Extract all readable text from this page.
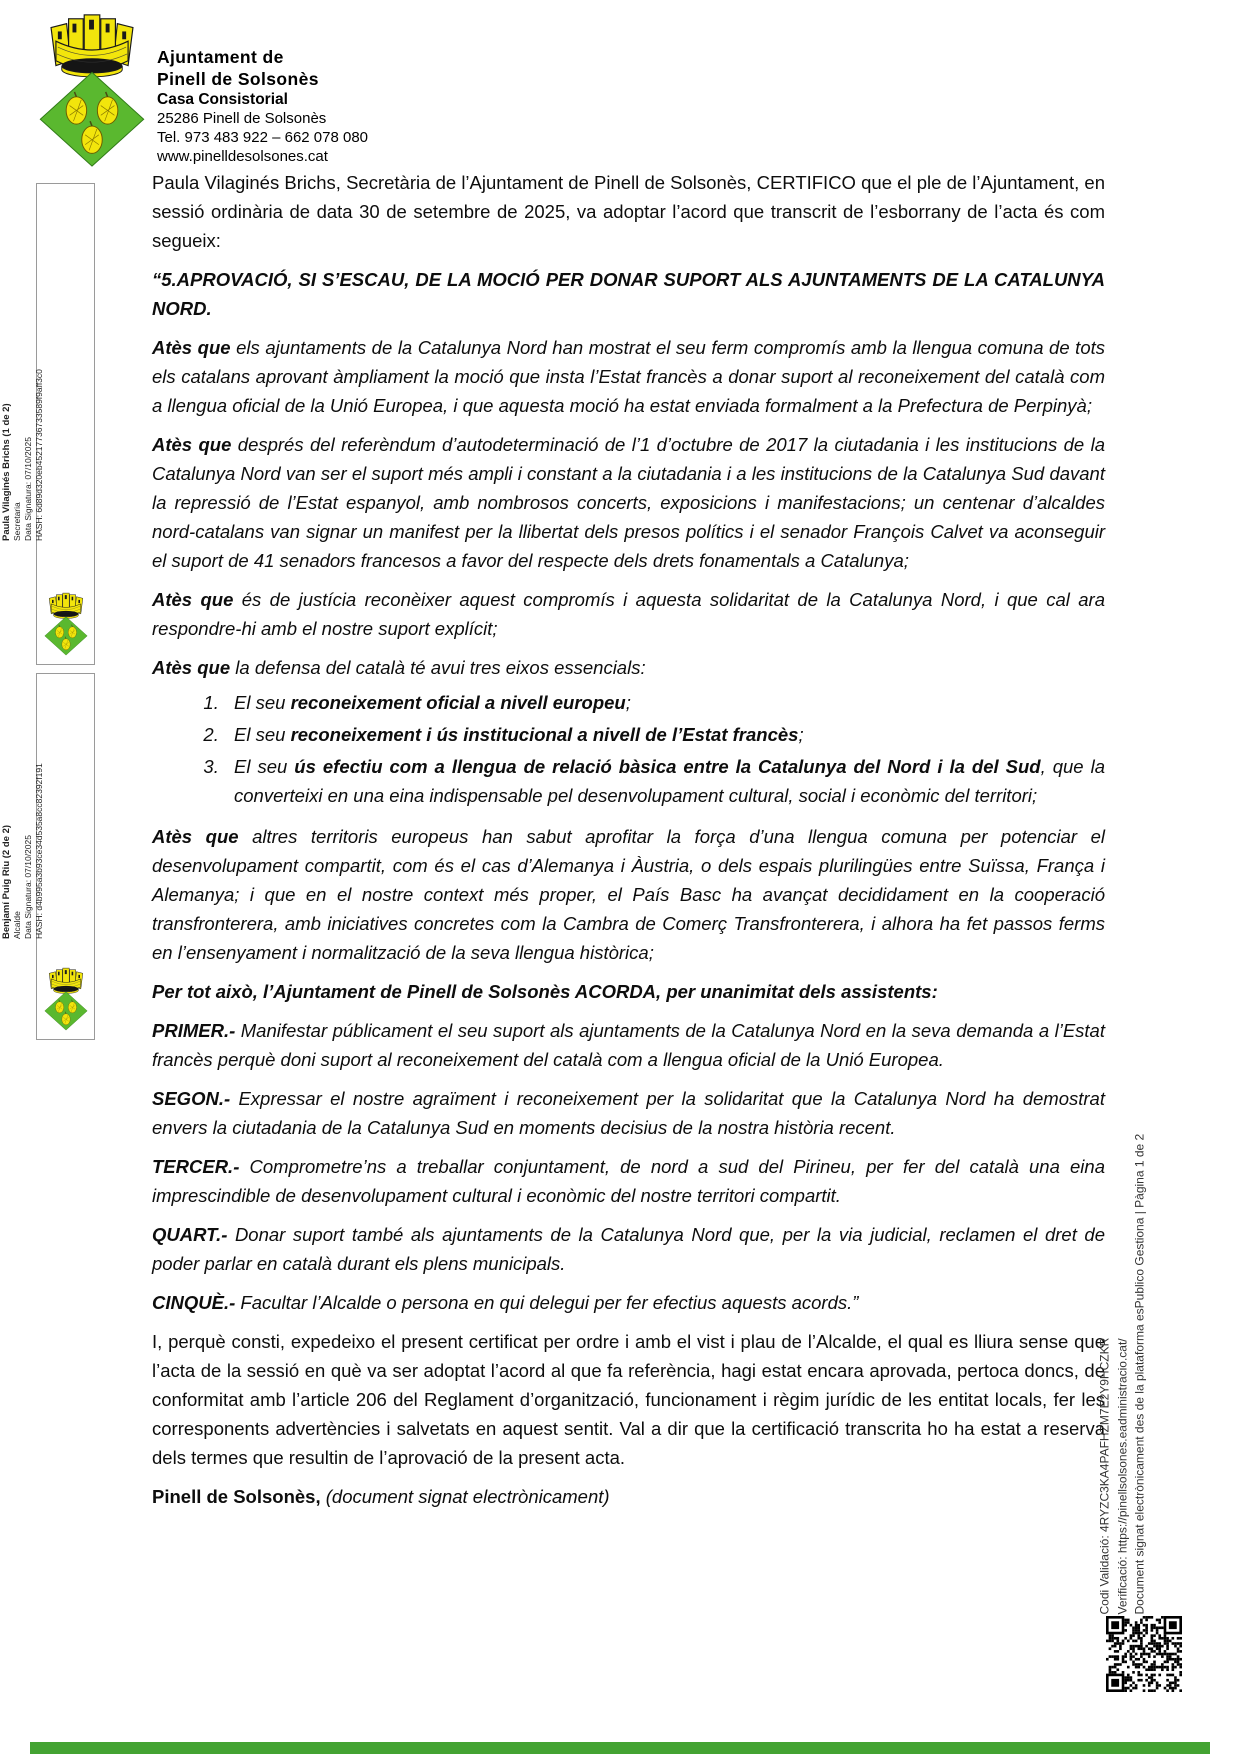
Ajuntament de
Pinell de Solsonès
Casa Consistorial
25286 Pinell de Solsonès
Tel. 973 483 922 – 662 078 080
www.pinelldesolsones.cat
Paula Vilaginés Brichs (1 de 2) Secretaria Data Signatura: 07/10/2025 HASH: 6d89d320eb45217736733589f9aff3c0
Benjamí Puig Riu (2 de 2) Alcalde Data Signatura: 07/10/2025 HASH: d4b995a3b93ce34d535a8cc82392f191

Paula Vilaginés Brichs, Secretària de l’Ajuntament de Pinell de Solsonès, CERTIFICO que el ple de l’Ajuntament, en sessió ordinària de data 30 de setembre de 2025, va adoptar l’acord que transcrit de l’esborrany de l’acta és com segueix:

“5.APROVACIÓ, SI S’ESCAU, DE LA MOCIÓ PER DONAR SUPORT ALS AJUNTAMENTS DE LA CATALUNYA NORD.

Atès que els ajuntaments de la Catalunya Nord han mostrat el seu ferm compromís amb la llengua comuna de tots els catalans aprovant àmpliament la moció que insta l’Estat francès a donar suport al reconeixement del català com a llengua oficial de la Unió Europea, i que aquesta moció ha estat enviada formalment a la Prefectura de Perpinyà;

Atès que després del referèndum d’autodeterminació de l’1 d’octubre de 2017 la ciutadania i les institucions de la Catalunya Nord van ser el suport més ampli i constant a la ciutadania i a les institucions de la Catalunya Sud davant la repressió de l’Estat espanyol, amb nombrosos concerts, exposicions i manifestacions; un centenar d’alcaldes nord-catalans van signar un manifest per la llibertat dels presos polítics i el senador François Calvet va aconseguir el suport de 41 senadors francesos a favor del respecte dels drets fonamentals a Catalunya;

Atès que és de justícia reconèixer aquest compromís i aquesta solidaritat de la Catalunya Nord, i que cal ara respondre-hi amb el nostre suport explícit;

Atès que la defensa del català té avui tres eixos essencials:

1. El seu reconeixement oficial a nivell europeu;
2. El seu reconeixement i ús institucional a nivell de l’Estat francès;
3. El seu ús efectiu com a llengua de relació bàsica entre la Catalunya del Nord i la del Sud, que la converteixi en una eina indispensable pel desenvolupament cultural, social i econòmic del territori;

Atès que altres territoris europeus han sabut aprofitar la força d’una llengua comuna per potenciar el desenvolupament compartit, com és el cas d’Alemanya i Àustria, o dels espais plurilingües entre Suïssa, França i Alemanya; i que en el nostre context més proper, el País Basc ha avançat decididament en la cooperació transfronterera, amb iniciatives concretes com la Cambra de Comerç Transfronterera, i alhora ha fet passos ferms en l’ensenyament i normalització de la seva llengua històrica;

Per tot això, l’Ajuntament de Pinell de Solsonès ACORDA, per unanimitat dels assistents:

PRIMER.- Manifestar públicament el seu suport als ajuntaments de la Catalunya Nord en la seva demanda a l’Estat francès perquè doni suport al reconeixement del català com a llengua oficial de la Unió Europea.

SEGON.- Expressar el nostre agraïment i reconeixement per la solidaritat que la Catalunya Nord ha demostrat envers la ciutadania de la Catalunya Sud en moments decisius de la nostra història recent.

TERCER.- Comprometre’ns a treballar conjuntament, de nord a sud del Pirineu, per fer del català una eina imprescindible de desenvolupament cultural i econòmic del nostre territori compartit.

QUART.- Donar suport també als ajuntaments de la Catalunya Nord que, per la via judicial, reclamen el dret de poder parlar en català durant els plens municipals.

CINQUÈ.- Facultar l’Alcalde o persona en qui delegui per fer efectius aquests acords.”

I, perquè consti, expedeixo el present certificat per ordre i amb el vist i plau de l’Alcalde, el qual es lliura sense que l’acta de la sessió en què va ser adoptat l’acord al que fa referència, hagi estat encara aprovada, pertoca doncs, de conformitat amb l’article 206 del Reglament d’organització, funcionament i règim jurídic de les entitat locals, fer les corresponents advertències i salvetats en aquest sentit. Val a dir que la certificació transcrita ho ha estat a reserva dels termes que resultin de l’aprovació de la present acta.

Pinell de Solsonès, (document signat electrònicament)	Codi Validació: 4RYZC3KA4PAFHZM7E2Y9HCZKR Verificació: https://pinellsolsones.eadministracio.cat/ Document signat electrònicament des de la plataforma esPublico Gestiona | Pàgina 1 de 2
